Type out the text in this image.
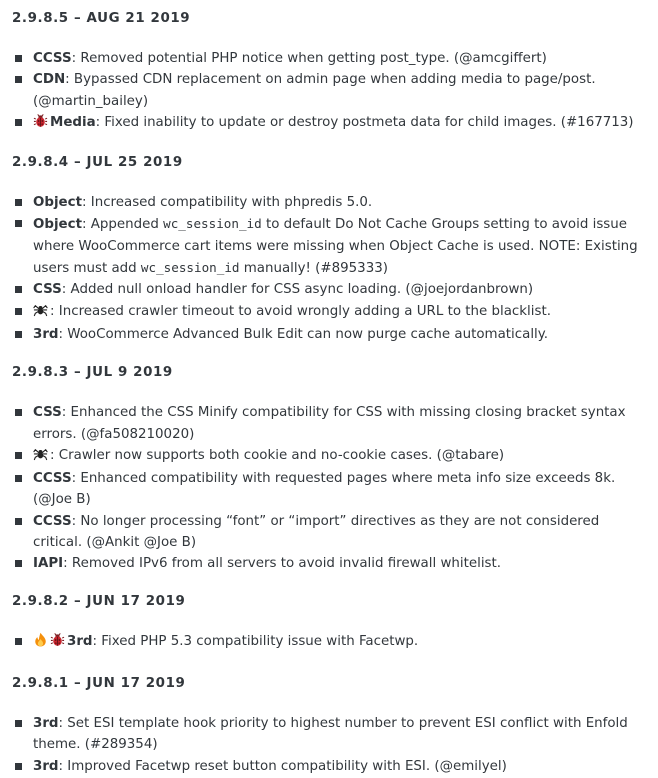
2.9.8.5 – AUG 21 2019
CCSS: Removed potential PHP notice when getting post_type. (@amcgiffert)
CDN: Bypassed CDN replacement on admin page when adding media to page/post. (@martin_bailey)
Media: Fixed inability to update or destroy postmeta data for child images. (#167713)
2.9.8.4 – JUL 25 2019
Object: Increased compatibility with phpredis 5.0.
Object: Appended wc_session_id to default Do Not Cache Groups setting to avoid issue where WooCommerce cart items were missing when Object Cache is used. NOTE: Existing users must add wc_session_id manually! (#895333)
CSS: Added null onload handler for CSS async loading. (@joejordanbrown)
: Increased crawler timeout to avoid wrongly adding a URL to the blacklist.
3rd: WooCommerce Advanced Bulk Edit can now purge cache automatically.
2.9.8.3 – JUL 9 2019
CSS: Enhanced the CSS Minify compatibility for CSS with missing closing bracket syntax errors. (@fa508210020)
: Crawler now supports both cookie and no-cookie cases. (@tabare)
CCSS: Enhanced compatibility with requested pages where meta info size exceeds 8k. (@Joe B)
CCSS: No longer processing “font” or “import” directives as they are not considered critical. (@Ankit @Joe B)
IAPI: Removed IPv6 from all servers to avoid invalid firewall whitelist.
2.9.8.2 – JUN 17 2019
3rd: Fixed PHP 5.3 compatibility issue with Facetwp.
2.9.8.1 – JUN 17 2019
3rd: Set ESI template hook priority to highest number to prevent ESI conflict with Enfold theme. (#289354)
3rd: Improved Facetwp reset button compatibility with ESI. (@emilyel)
